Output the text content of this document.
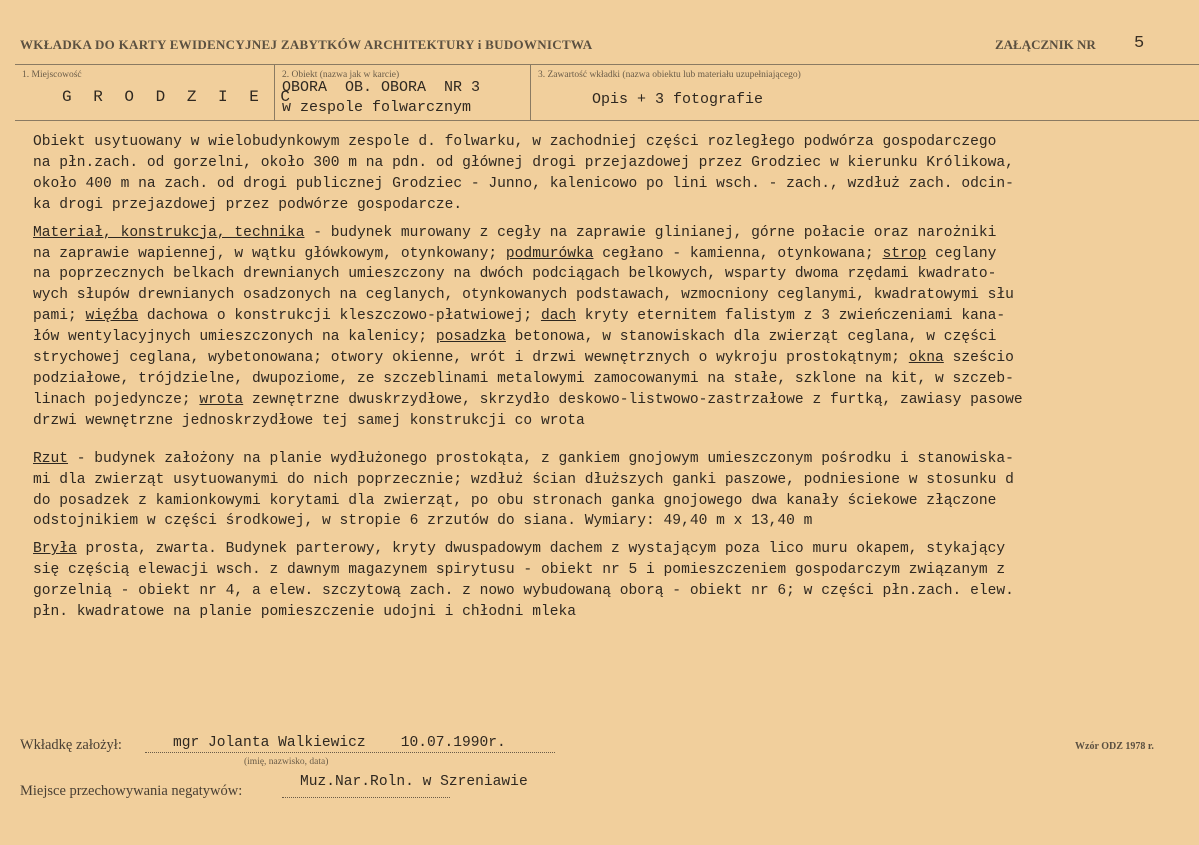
WKŁADKA DO KARTY EWIDENCYJNEJ ZABYTKÓW ARCHITEKTURY i BUDOWNICTWA	ZAŁĄCZNIK NR 5
1. Miejscowość
G R O D Z I E C
2. Obiekt (nazwa jak w karcie)
OBORA  OB. OBORA  NR 3
w zespole folwarcznym
3. Zawartość wkładki (nazwa obiektu lub materiału uzupełniającego)
Opis + 3 fotografie

Obiekt usytuowany w wielobudynkowym zespole d. folwarku, w zachodniej części rozległego podwórza gospodarczego
na płn.zach. od gorzelni, około 300 m na pdn. od głównej drogi przejazdowej przez Grodziec w kierunku Królikowa,
około 400 m na zach. od drogi publicznej Grodziec - Junno, kalenicowo po lini wsch. - zach., wzdłuż zach. odcin-
ka drogi przejazdowej przez podwórze gospodarcze.

Materiał, konstrukcja, technika - budynek murowany z cegły na zaprawie glinianej, górne połacie oraz narożniki
na zaprawie wapiennej, w wątku główkowym, otynkowany; podmurówka cegłano - kamienna, otynkowana; strop ceglany
na poprzecznych belkach drewnianych umieszczony na dwóch podciągach belkowych, wsparty dwoma rzędami kwadrato-
wych słupów drewnianych osadzonych na ceglanych, otynkowanych podstawach, wzmocniony ceglanymi, kwadratowymi słu
pami; więźba dachowa o konstrukcji kleszczowo-płatwiowej; dach kryty eternitem falistym z 3 zwieńczeniami kana-
łów wentylacyjnych umieszczonych na kalenicy; posadzka betonowa, w stanowiskach dla zwierząt ceglana, w części
strychowej ceglana, wybetonowana; otwory okienne, wrót i drzwi wewnętrznych o wykroju prostokątnym; okna sześcio
podziałowe, trójdzielne, dwupoziome, ze szczeblinami metalowymi zamocowanymi na stałe, szklone na kit, w szczeb-
linach pojedyncze; wrota zewnętrzne dwuskrzydłowe, skrzydło deskowo-listwowo-zastrzałowe z furtką, zawiasy pasowe
drzwi wewnętrzne jednoskrzydłowe tej samej konstrukcji co wrota

Rzut - budynek założony na planie wydłużonego prostokąta, z gankiem gnojowym umieszczonym pośrodku i stanowiska-
mi dla zwierząt usytuowanymi do nich poprzecznie; wzdłuż ścian dłuższych ganki paszowe, podniesione w stosunku d
do posadzek z kamionkowymi korytami dla zwierząt, po obu stronach ganka gnojowego dwa kanały ściekowe złączone
odstojnikiem w części środkowej, w stropie 6 zrzutów do siana. Wymiary: 49,40 m x 13,40 m

Bryła prosta, zwarta. Budynek parterowy, kryty dwuspadowym dachem z wystającym poza lico muru okapem, stykający
się częścią elewacji wsch. z dawnym magazynem spirytusu - obiekt nr 5 i pomieszczeniem gospodarczym związanym z
gorzelnią - obiekt nr 4, a elew. szczytową zach. z nowo wybudowaną oborą - obiekt nr 6; w części płn.zach. elew.
płn. kwadratowe na planie pomieszczenie udojni i chłodni mleka

Wkładkę założył:	mgr Jolanta Walkiewicz    10.07.1990r.
(imię, nazwisko, data)
Wzór ODZ 1978 r.
Miejsce przechowywania negatywów:
Muz.Nar.Roln. w Szreniawie
